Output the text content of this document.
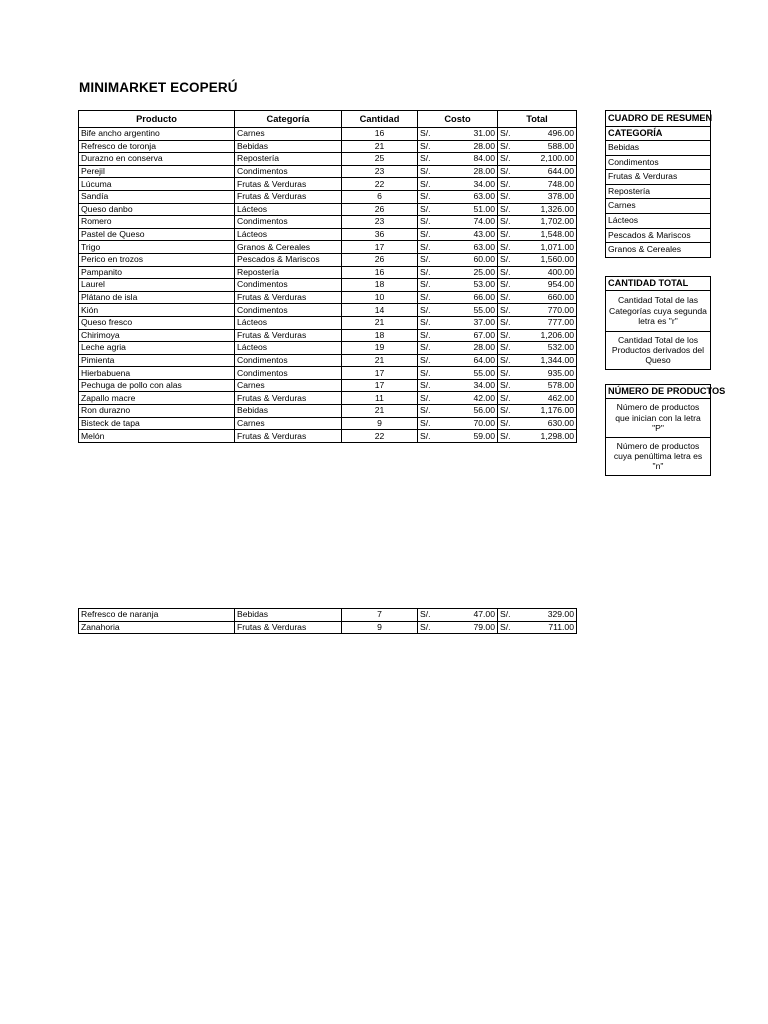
MINIMARKET ECOPERÚ
Producto	Categoría	Cantidad	Costo		Total	
Bife ancho argentino	Carnes	16	S/.	31.00	S/.	496.00
Refresco de toronja	Bebidas	21	S/.	28.00	S/.	588.00
Durazno en conserva	Repostería	25	S/.	84.00	S/.	2,100.00
Perejil	Condimentos	23	S/.	28.00	S/.	644.00
Lúcuma	Frutas & Verduras	22	S/.	34.00	S/.	748.00
Sandía	Frutas & Verduras	6	S/.	63.00	S/.	378.00
Queso danbo	Lácteos	26	S/.	51.00	S/.	1,326.00
Romero	Condimentos	23	S/.	74.00	S/.	1,702.00
Pastel de Queso	Lácteos	36	S/.	43.00	S/.	1,548.00
Trigo	Granos & Cereales	17	S/.	63.00	S/.	1,071.00
Perico en trozos	Pescados & Mariscos	26	S/.	60.00	S/.	1,560.00
Pampanito	Repostería	16	S/.	25.00	S/.	400.00
Laurel	Condimentos	18	S/.	53.00	S/.	954.00
Plátano de isla	Frutas & Verduras	10	S/.	66.00	S/.	660.00
Kión	Condimentos	14	S/.	55.00	S/.	770.00
Queso fresco	Lácteos	21	S/.	37.00	S/.	777.00
Chirimoya	Frutas & Verduras	18	S/.	67.00	S/.	1,206.00
Leche agria	Lácteos	19	S/.	28.00	S/.	532.00
Pimienta	Condimentos	21	S/.	64.00	S/.	1,344.00
Hierbabuena	Condimentos	17	S/.	55.00	S/.	935.00
Pechuga de pollo con alas	Carnes	17	S/.	34.00	S/.	578.00
Zapallo macre	Frutas & Verduras	11	S/.	42.00	S/.	462.00
Ron durazno	Bebidas	21	S/.	56.00	S/.	1,176.00
Bisteck de tapa	Carnes	9	S/.	70.00	S/.	630.00
Melón	Frutas & Verduras	22	S/.	59.00	S/.	1,298.00
Refresco de naranja	Bebidas	7	S/.	47.00	S/.	329.00
Zanahoria	Frutas & Verduras	9	S/.	79.00	S/.	711.00
CUADRO DE RESUMEN
CATEGORÍA
Bebidas
Condimentos
Frutas & Verduras
Repostería
Carnes
Lácteos
Pescados & Mariscos
Granos & Cereales
CANTIDAD TOTAL
Cantidad Total de las Categorías cuya segunda letra es "r"
Cantidad Total de los Productos derivados del Queso
NÚMERO DE PRODUCTOS
Número de productos que inician con la letra "P"
Número de productos cuya penúltima letra es "n"
